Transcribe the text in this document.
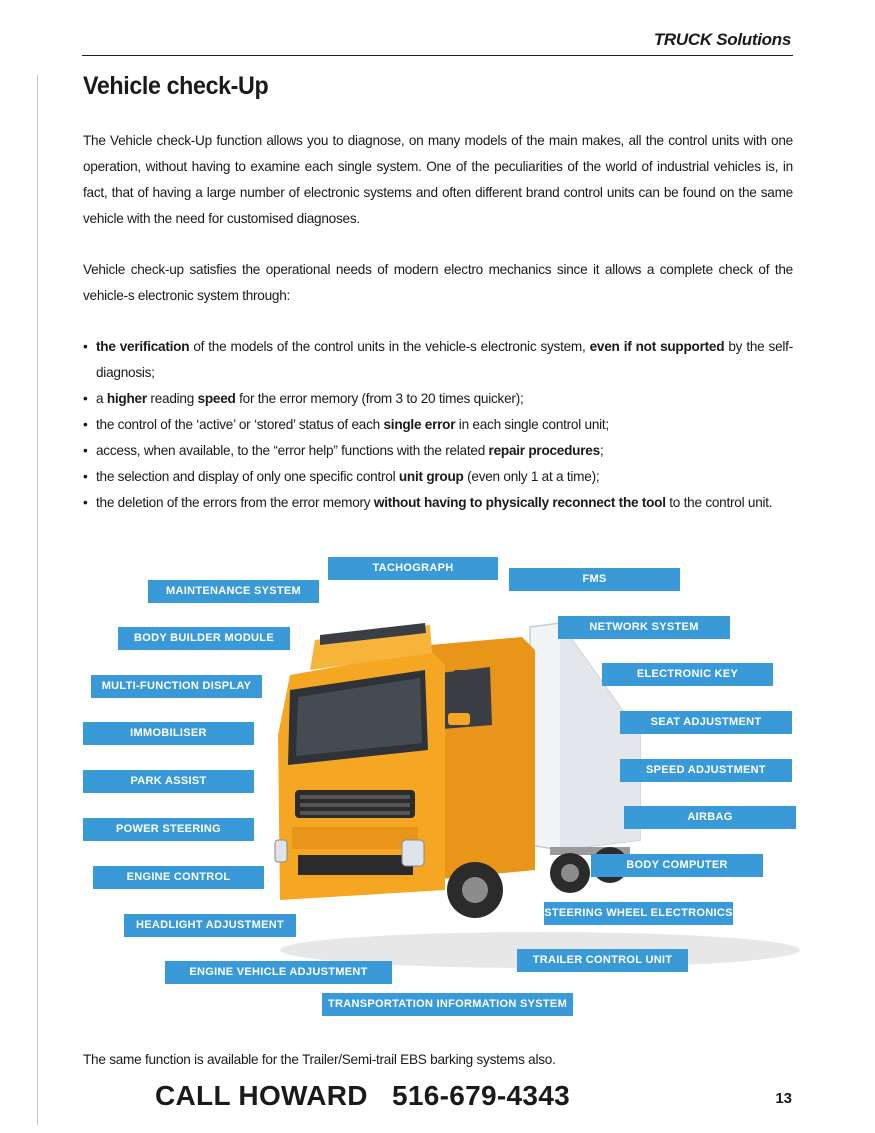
TRUCK Solutions
Vehicle check-Up

The Vehicle check-Up function allows you to diagnose, on many models of the main makes, all the control units with one operation, without having to examine each single system. One of the peculiarities of the world of industrial vehicles is, in fact, that of having a large number of electronic systems and often different brand control units can be found on the same vehicle with the need for customised diagnoses.

Vehicle check-up satisfies the operational needs of modern electro mechanics since it allows a complete check of the vehicle-s electronic system through:

• the verification of the models of the control units in the vehicle-s electronic system, even if not supported by the self-diagnosis;
• a higher reading speed for the error memory (from 3 to 20 times quicker);
• the control of the ‘active’ or ‘stored’ status of each single error in each single control unit;
• access, when available, to the “error help” functions with the related repair procedures;
• the selection and display of only one specific control unit group (even only 1 at a time);
• the deletion of the errors from the error memory without having to physically reconnect the tool to the control unit.
TACHOGRAPH
FMS
MAINTENANCE SYSTEM
NETWORK SYSTEM
BODY BUILDER MODULE
ELECTRONIC KEY
MULTI-FUNCTION DISPLAY
SEAT ADJUSTMENT
IMMOBILISER
SPEED ADJUSTMENT
PARK ASSIST
AIRBAG
POWER STEERING
BODY COMPUTER
ENGINE CONTROL
STEERING WHEEL ELECTRONICS
HEADLIGHT ADJUSTMENT
TRAILER CONTROL UNIT
ENGINE VEHICLE ADJUSTMENT
TRANSPORTATION INFORMATION SYSTEM
The same function is available for the Trailer/Semi-trail EBS barking systems also.
CALL HOWARD   516-679-4343	13
